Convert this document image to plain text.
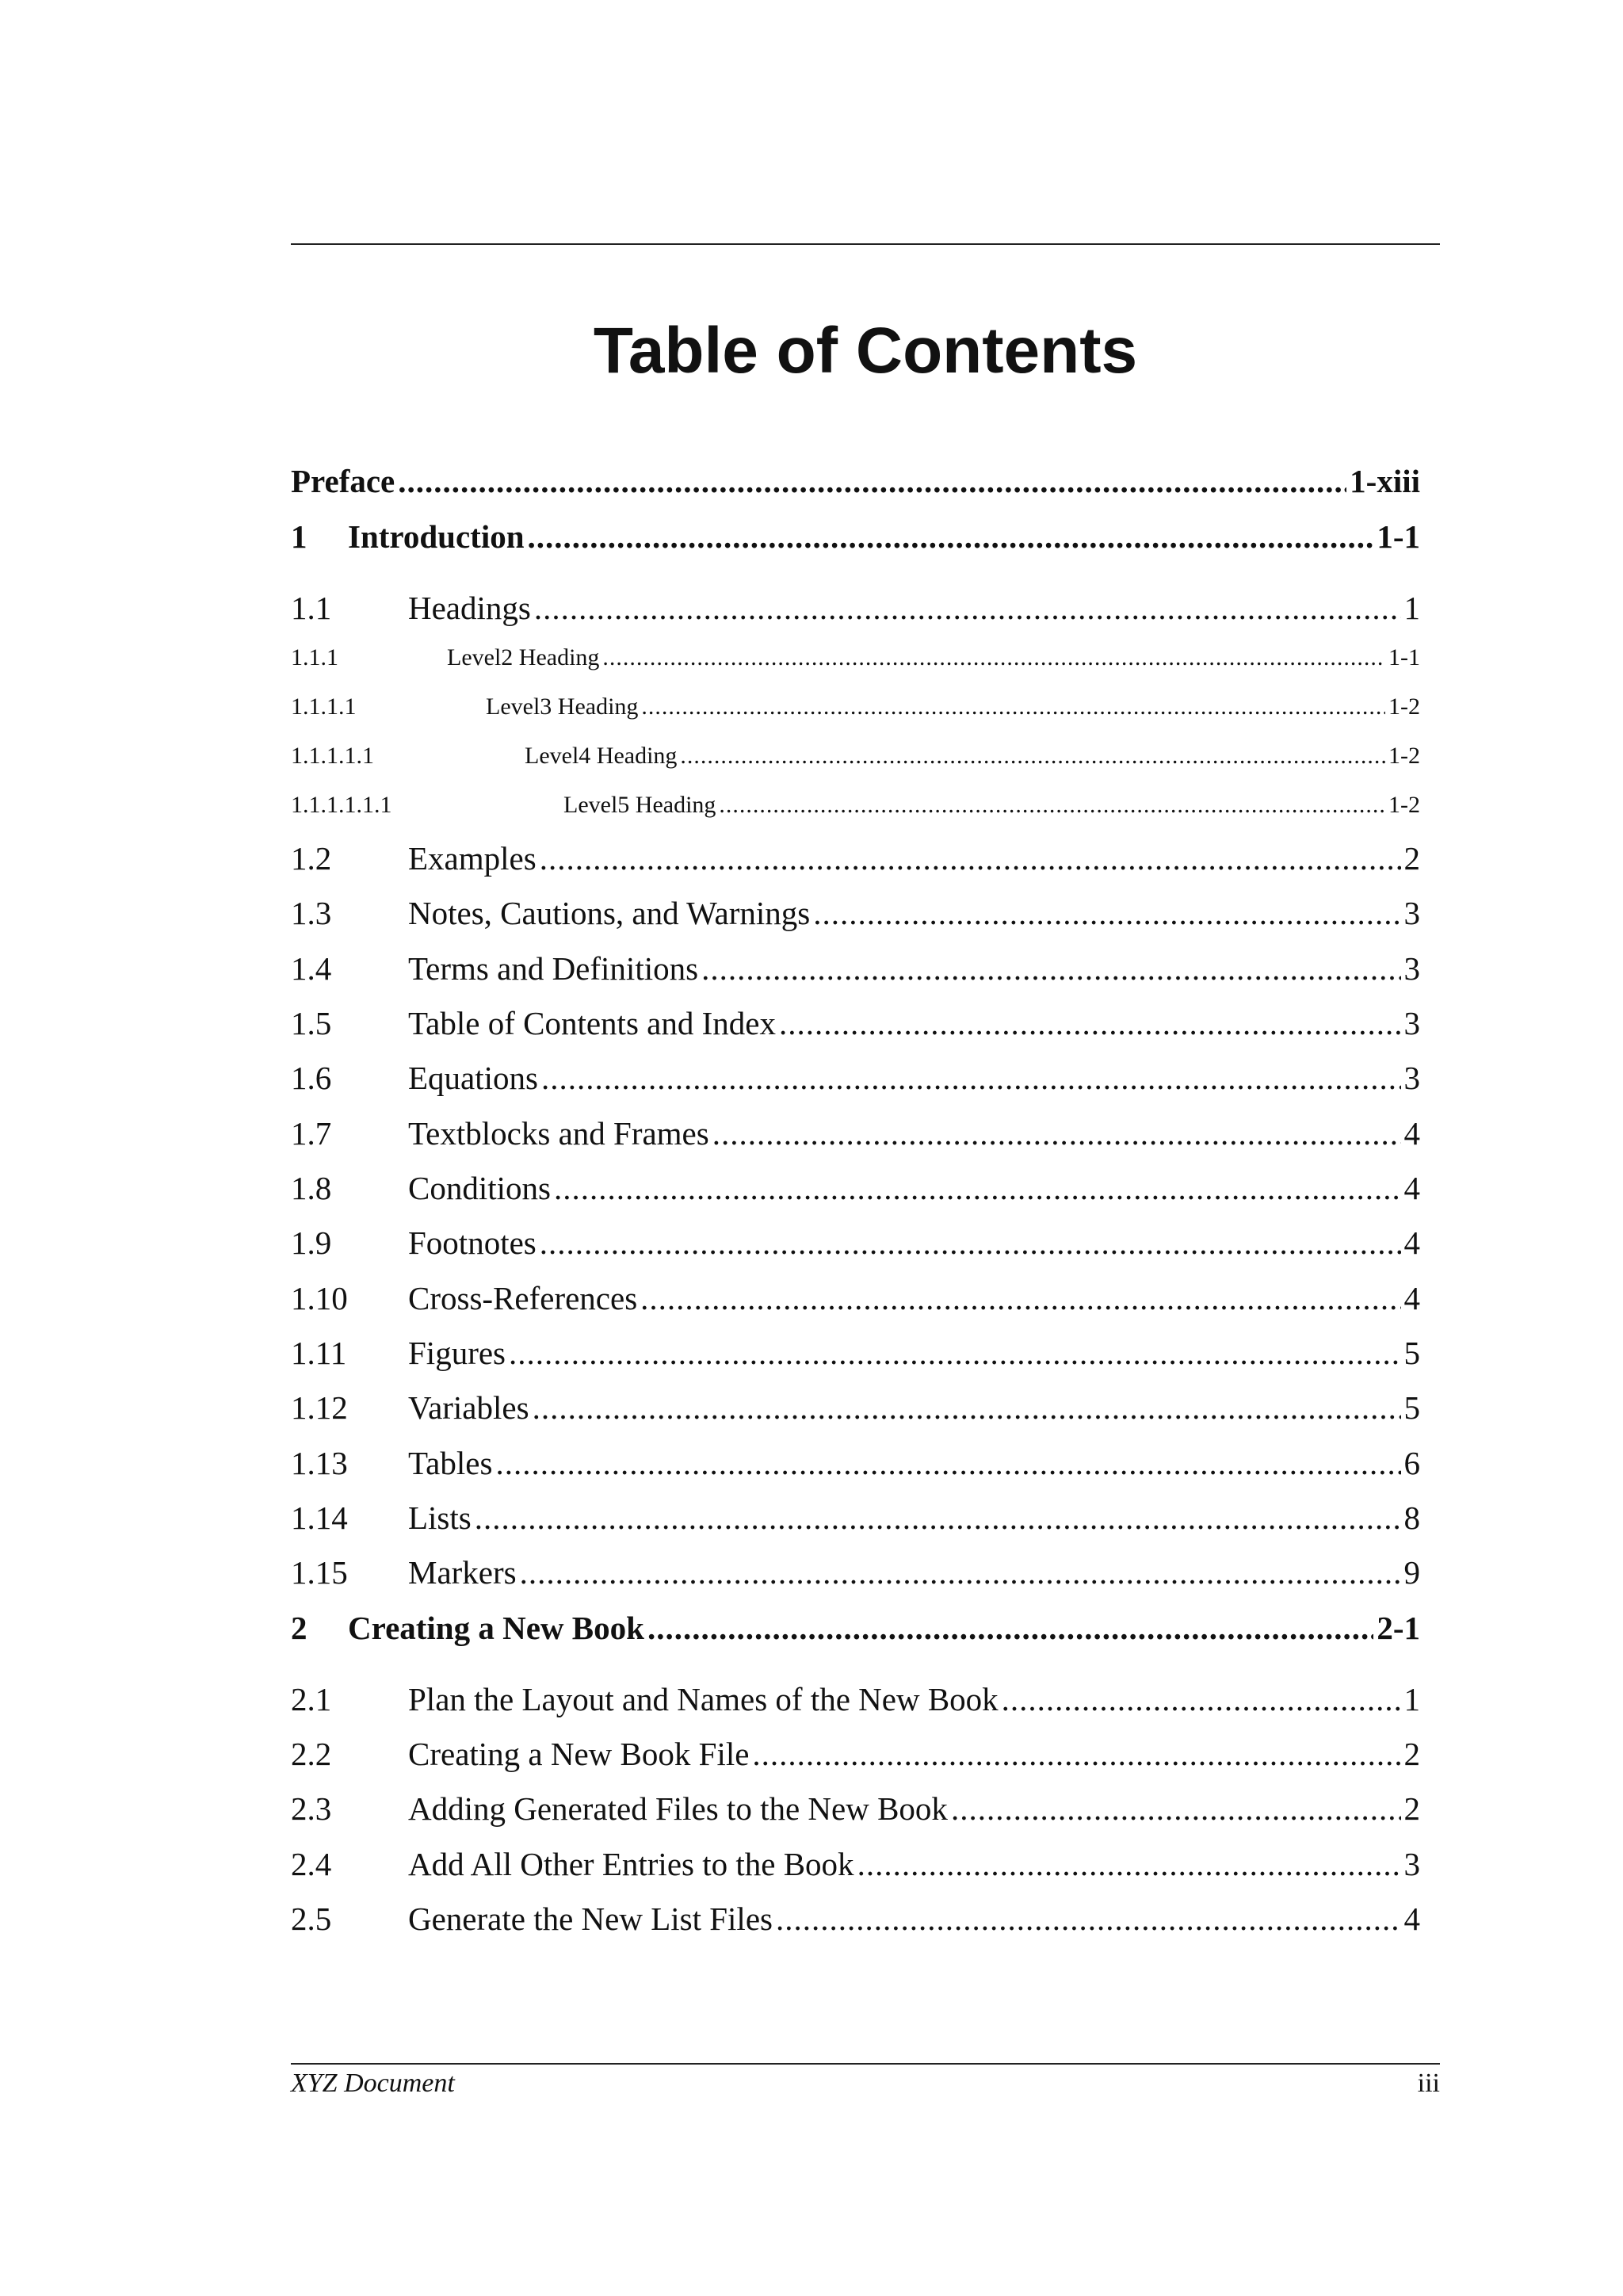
Table of Contents
Preface .....	1-xiii
1	Introduction .....	1-1
1.1	Headings .....	1
1.1.1	Level2 Heading .....	1-1
1.1.1.1	Level3 Heading .....	1-2
1.1.1.1.1	Level4 Heading .....	1-2
1.1.1.1.1.1	Level5 Heading .....	1-2
1.2	Examples .....	2
1.3	Notes, Cautions, and Warnings .....	3
1.4	Terms and Definitions .....	3
1.5	Table of Contents and Index .....	3
1.6	Equations .....	3
1.7	Textblocks and Frames .....	4
1.8	Conditions .....	4
1.9	Footnotes .....	4
1.10	Cross-References .....	4
1.11	Figures .....	5
1.12	Variables .....	5
1.13	Tables .....	6
1.14	Lists .....	8
1.15	Markers .....	9
2	Creating a New Book .....	2-1
2.1	Plan the Layout and Names of the New Book .....	1
2.2	Creating a New Book File .....	2
2.3	Adding Generated Files to the New Book .....	2
2.4	Add All Other Entries to the Book .....	3
2.5	Generate the New List Files .....	4
XYZ Document	iii
